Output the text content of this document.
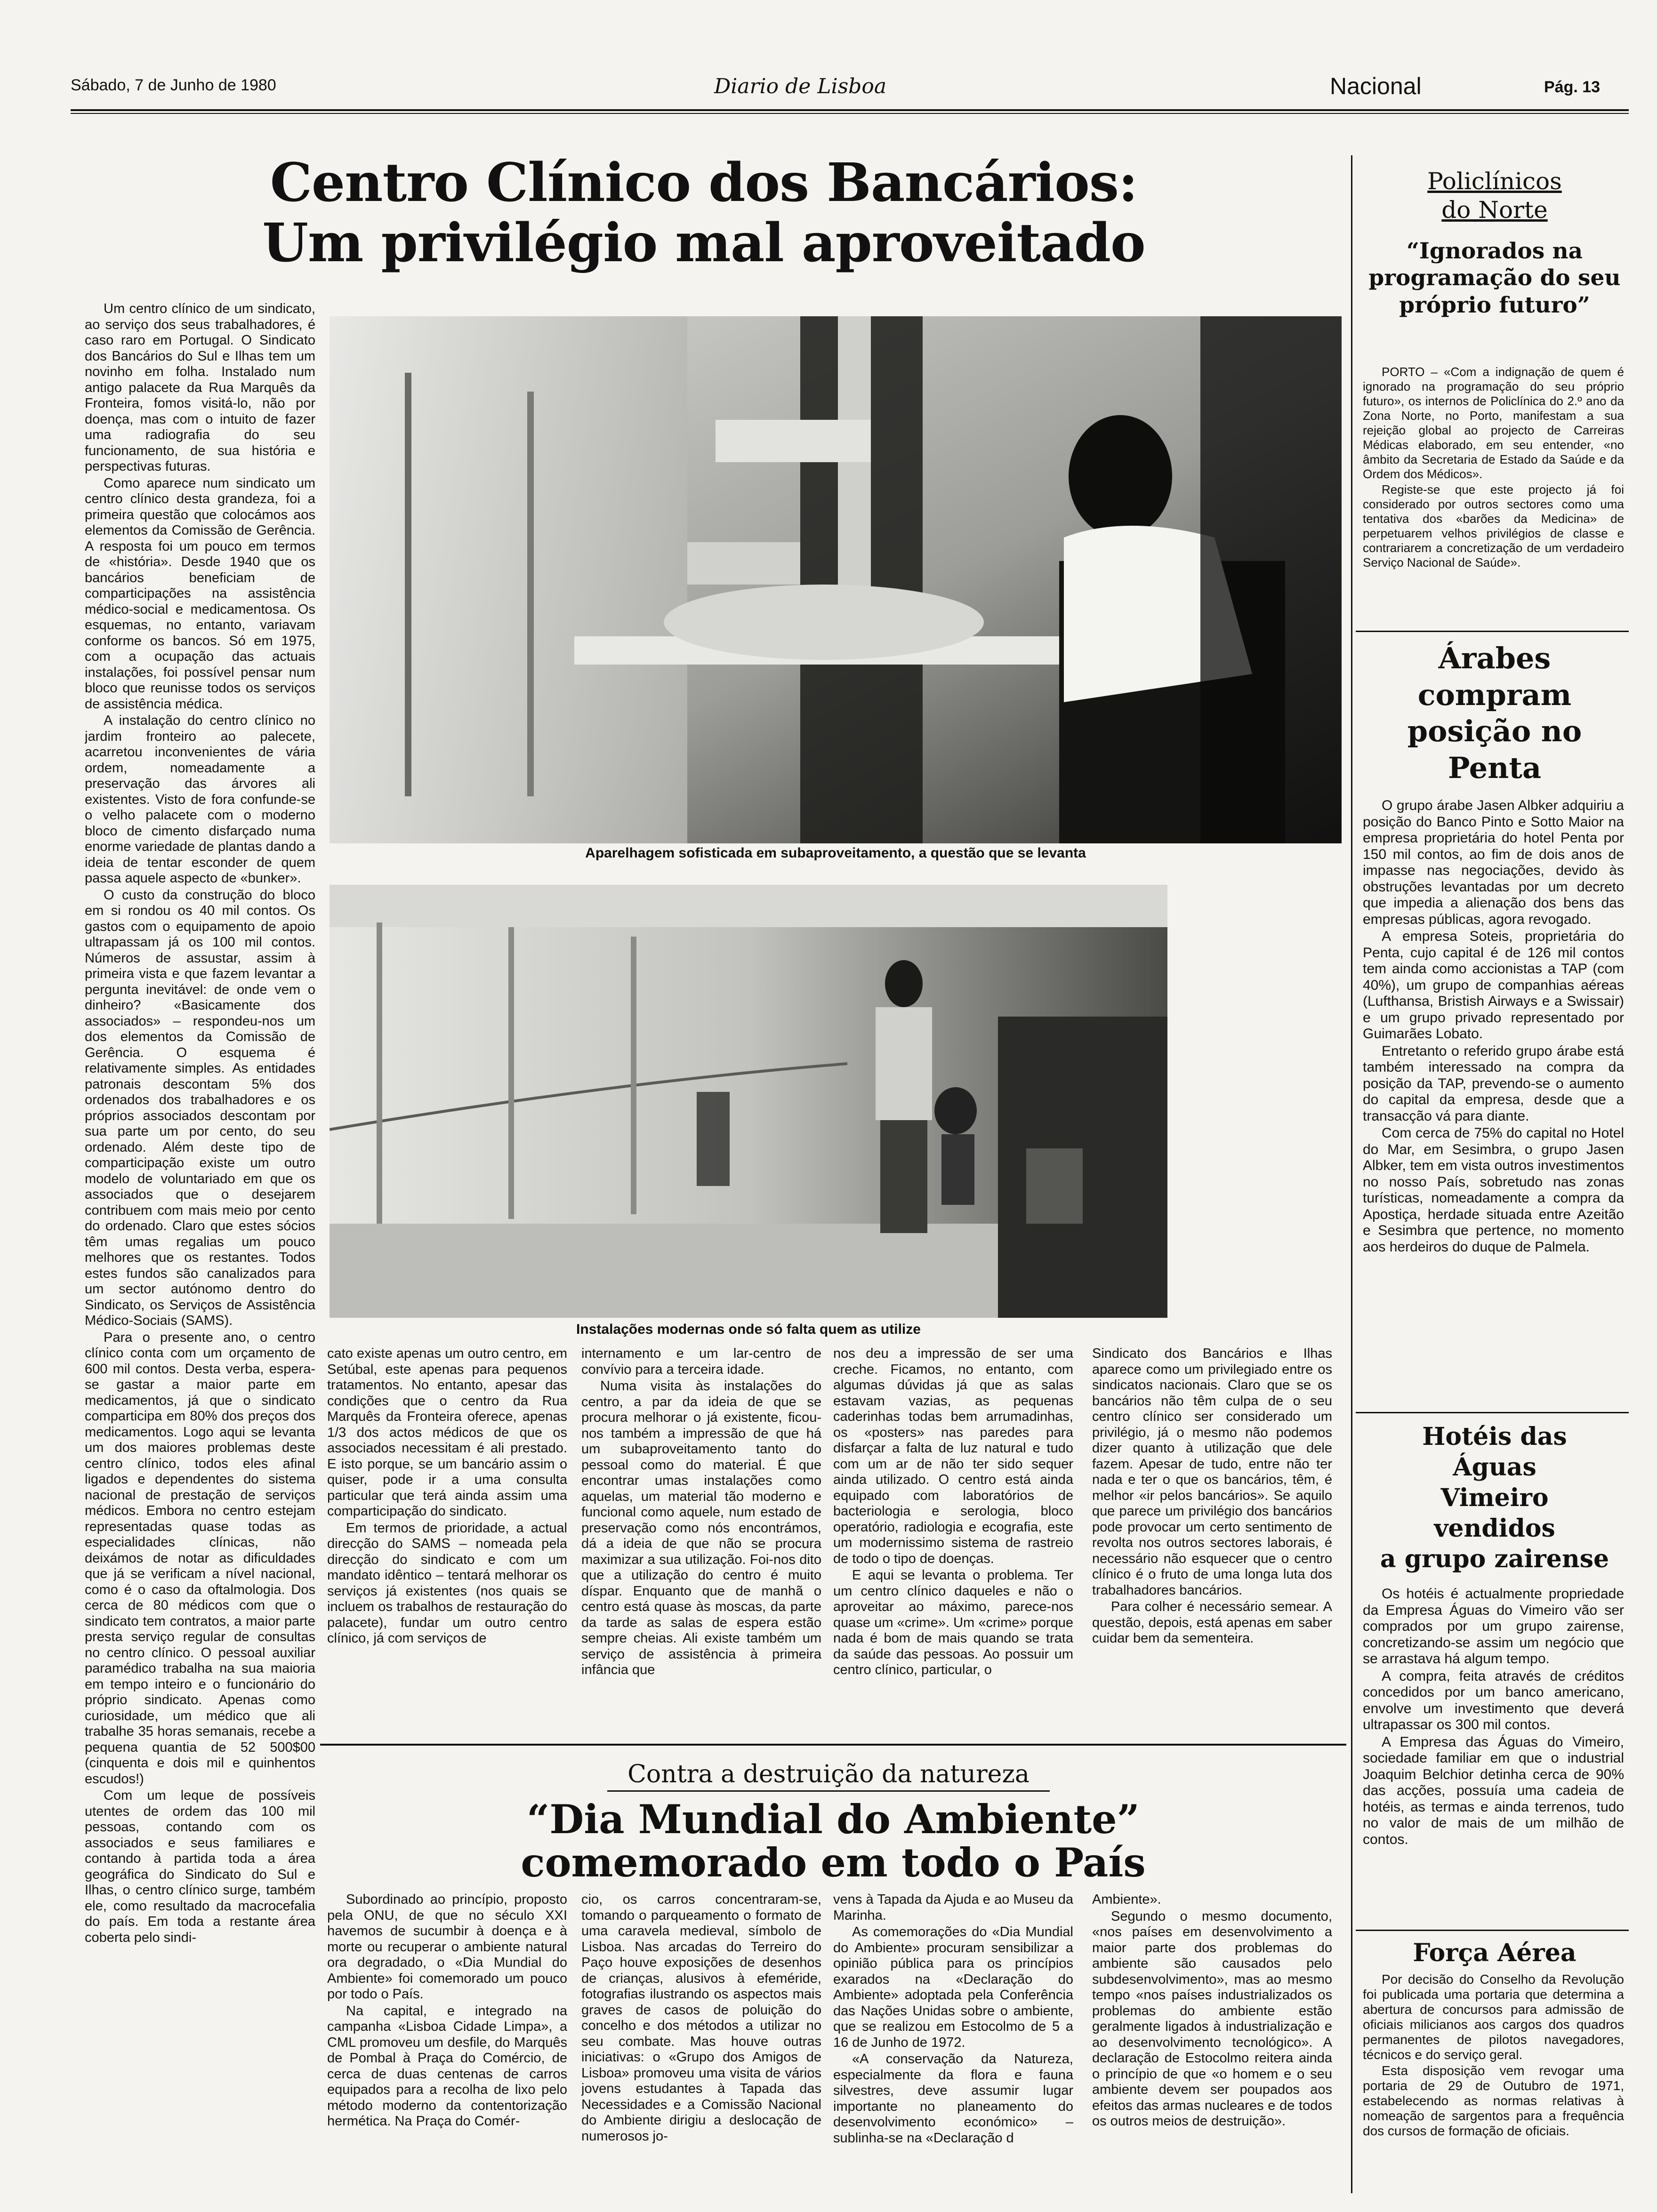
Sábado, 7 de Junho de 1980	Diario de Lisboa	Nacional	Pág. 13
Centro Clínico dos Bancários:
Um privilégio mal aproveitado

Um centro clínico de um sindicato, ao serviço dos seus trabalhadores, é caso raro em Portugal. O Sindicato dos Bancários do Sul e Ilhas tem um novinho em folha. Instalado num antigo palacete da Rua Marquês da Fronteira, fomos visitá-lo, não por doença, mas com o intuito de fazer uma radiografia do seu funcionamento, de sua história e perspectivas futuras.

Como aparece num sindicato um centro clínico desta grandeza, foi a primeira questão que colocámos aos elementos da Comissão de Gerência. A resposta foi um pouco em termos de «história». Desde 1940 que os bancários beneficiam de comparticipações na assistência médico-social e medicamentosa. Os esquemas, no entanto, variavam conforme os bancos. Só em 1975, com a ocupação das actuais instalações, foi possível pensar num bloco que reunisse todos os serviços de assistência médica.

A instalação do centro clínico no jardim fronteiro ao palecete, acarretou inconvenientes de vária ordem, nomeadamente a preservação das árvores ali existentes. Visto de fora confunde-se o velho palacete com o moderno bloco de cimento disfarçado numa enorme variedade de plantas dando a ideia de tentar esconder de quem passa aquele aspecto de «bunker».

O custo da construção do bloco em si rondou os 40 mil contos. Os gastos com o equipamento de apoio ultrapassam já os 100 mil contos. Números de assustar, assim à primeira vista e que fazem levantar a pergunta inevitável: de onde vem o dinheiro? «Basicamente dos associados» – respondeu-nos um dos elementos da Comissão de Gerência. O esquema é relativamente simples. As entidades patronais descontam 5% dos ordenados dos trabalhadores e os próprios associados descontam por sua parte um por cento, do seu ordenado. Além deste tipo de comparticipação existe um outro modelo de voluntariado em que os associados que o desejarem contribuem com mais meio por cento do ordenado. Claro que estes sócios têm umas regalias um pouco melhores que os restantes. Todos estes fundos são canalizados para um sector autónomo dentro do Sindicato, os Serviços de Assistência Médico-Sociais (SAMS).

Para o presente ano, o centro clínico conta com um orçamento de 600 mil contos. Desta verba, espera-se gastar a maior parte em medicamentos, já que o sindicato comparticipa em 80% dos preços dos medicamentos. Logo aqui se levanta um dos maiores problemas deste centro clínico, todos eles afinal ligados e dependentes do sistema nacional de prestação de serviços médicos. Embora no centro estejam representadas quase todas as especialidades clínicas, não deixámos de notar as dificuldades que já se verificam a nível nacional, como é o caso da oftalmologia. Dos cerca de 80 médicos com que o sindicato tem contratos, a maior parte presta serviço regular de consultas no centro clínico. O pessoal auxiliar paramédico trabalha na sua maioria em tempo inteiro e o funcionário do próprio sindicato. Apenas como curiosidade, um médico que ali trabalhe 35 horas semanais, recebe a pequena quantia de 52 500$00 (cinquenta e dois mil e quinhentos escudos!)

Com um leque de possíveis utentes de ordem das 100 mil pessoas, contando com os associados e seus familiares e contando à partida toda a área geográfica do Sindicato do Sul e Ilhas, o centro clínico surge, também ele, como resultado da macrocefalia do país. Em toda a restante área coberta pelo sindi-

Aparelhagem sofisticada em subaproveitamento, a questão que se levanta
Instalações modernas onde só falta quem as utilize

cato existe apenas um outro centro, em Setúbal, este apenas para pequenos tratamentos. No entanto, apesar das condições que o centro da Rua Marquês da Fronteira oferece, apenas 1/3 dos actos médicos de que os associados necessitam é ali prestado. E isto porque, se um bancário assim o quiser, pode ir a uma consulta particular que terá ainda assim uma comparticipação do sindicato.

Em termos de prioridade, a actual direcção do SAMS – nomeada pela direcção do sindicato e com um mandato idêntico – tentará melhorar os serviços já existentes (nos quais se incluem os trabalhos de restauração do palacete), fundar um outro centro clínico, já com serviços de

internamento e um lar-centro de convívio para a terceira idade.

Numa visita às instalações do centro, a par da ideia de que se procura melhorar o já existente, ficou-nos também a impressão de que há um subaproveitamento tanto do pessoal como do material. É que encontrar umas instalações como aquelas, um material tão moderno e funcional como aquele, num estado de preservação como nós encontrámos, dá a ideia de que não se procura maximizar a sua utilização. Foi-nos dito que a utilização do centro é muito díspar. Enquanto que de manhã o centro está quase às moscas, da parte da tarde as salas de espera estão sempre cheias. Ali existe também um serviço de assistência à primeira infância que

nos deu a impressão de ser uma creche. Ficamos, no entanto, com algumas dúvidas já que as salas estavam vazias, as pequenas caderinhas todas bem arrumadinhas, os «posters» nas paredes para disfarçar a falta de luz natural e tudo com um ar de não ter sido sequer ainda utilizado. O centro está ainda equipado com laboratórios de bacteriologia e serologia, bloco operatório, radiologia e ecografia, este um modernissimo sistema de rastreio de todo o tipo de doenças.

E aqui se levanta o problema. Ter um centro clínico daqueles e não o aproveitar ao máximo, parece-nos quase um «crime». Um «crime» porque nada é bom de mais quando se trata da saúde das pessoas. Ao possuir um centro clínico, particular, o

Sindicato dos Bancários e Ilhas aparece como um privilegiado entre os sindicatos nacionais. Claro que se os bancários não têm culpa de o seu centro clínico ser considerado um privilégio, já o mesmo não podemos dizer quanto à utilização que dele fazem. Apesar de tudo, entre não ter nada e ter o que os bancários, têm, é melhor «ir pelos bancários». Se aquilo que parece um privilégio dos bancários pode provocar um certo sentimento de revolta nos outros sectores laborais, é necessário não esquecer que o centro clínico é o fruto de uma longa luta dos trabalhadores bancários.

Para colher é necessário semear. A questão, depois, está apenas em saber cuidar bem da sementeira.

Contra a destruição da natureza
“Dia Mundial do Ambiente”
comemorado em todo o País

Subordinado ao princípio, proposto pela ONU, de que no século XXI havemos de sucumbir à doença e à morte ou recuperar o ambiente natural ora degradado, o «Dia Mundial do Ambiente» foi comemorado um pouco por todo o País.

Na capital, e integrado na campanha «Lisboa Cidade Limpa», a CML promoveu um desfile, do Marquês de Pombal à Praça do Comércio, de cerca de duas centenas de carros equipados para a recolha de lixo pelo método moderno da contentorização hermética. Na Praça do Comér-

cio, os carros concentraram-se, tomando o parqueamento o formato de uma caravela medieval, símbolo de Lisboa. Nas arcadas do Terreiro do Paço houve exposições de desenhos de crianças, alusivos à efeméride, fotografias ilustrando os aspectos mais graves de casos de poluição do concelho e dos métodos a utilizar no seu combate. Mas houve outras iniciativas: o «Grupo dos Amigos de Lisboa» promoveu uma visita de vários jovens estudantes à Tapada das Necessidades e a Comissão Nacional do Ambiente dirigiu a deslocação de numerosos jo-

vens à Tapada da Ajuda e ao Museu da Marinha.

As comemorações do «Dia Mundial do Ambiente» procuram sensibilizar a opinião pública para os princípios exarados na «Declaração do Ambiente» adoptada pela Conferência das Nações Unidas sobre o ambiente, que se realizou em Estocolmo de 5 a 16 de Junho de 1972.

«A conservação da Natureza, especialmente da flora e fauna silvestres, deve assumir lugar importante no planeamento do desenvolvimento económico» – sublinha-se na «Declaração d

Ambiente».

Segundo o mesmo documento, «nos países em desenvolvimento a maior parte dos problemas do ambiente são causados pelo subdesenvolvimento», mas ao mesmo tempo «nos países industrializados os problemas do ambiente estão geralmente ligados à industrialização e ao desenvolvimento tecnológico». A declaração de Estocolmo reitera ainda o princípio de que «o homem e o seu ambiente devem ser poupados aos efeitos das armas nucleares e de todos os outros meios de destruição».

Policlínicos
do Norte
“Ignorados na programação do seu próprio futuro”

PORTO – «Com a indignação de quem é ignorado na programação do seu próprio futuro», os internos de Policlínica do 2.º ano da Zona Norte, no Porto, manifestam a sua rejeição global ao projecto de Carreiras Médicas elaborado, em seu entender, «no âmbito da Secretaria de Estado da Saúde e da Ordem dos Médicos».

Registe-se que este projecto já foi considerado por outros sectores como uma tentativa dos «barões da Medicina» de perpetuarem velhos privilégios de classe e contrariarem a concretização de um verdadeiro Serviço Nacional de Saúde».

Árabes compram posição no Penta

O grupo árabe Jasen Albker adquiriu a posição do Banco Pinto e Sotto Maior na empresa proprietária do hotel Penta por 150 mil contos, ao fim de dois anos de impasse nas negociações, devido às obstruções levantadas por um decreto que impedia a alienação dos bens das empresas públicas, agora revogado.

A empresa Soteis, proprietária do Penta, cujo capital é de 126 mil contos tem ainda como accionistas a TAP (com 40%), um grupo de companhias aéreas (Lufthansa, Bristish Airways e a Swissair) e um grupo privado representado por Guimarães Lobato.

Entretanto o referido grupo árabe está também interessado na compra da posição da TAP, prevendo-se o aumento do capital da empresa, desde que a transacção vá para diante.

Com cerca de 75% do capital no Hotel do Mar, em Sesimbra, o grupo Jasen Albker, tem em vista outros investimentos no nosso País, sobretudo nas zonas turísticas, nomeadamente a compra da Apostiça, herdade situada entre Azeitão e Sesimbra que pertence, no momento aos herdeiros do duque de Palmela.

Hotéis das Águas Vimeiro vendidos
a grupo zairense

Os hotéis é actualmente propriedade da Empresa Águas do Vimeiro vão ser comprados por um grupo zairense, concretizando-se assim um negócio que se arrastava há algum tempo.

A compra, feita através de créditos concedidos por um banco americano, envolve um investimento que deverá ultrapassar os 300 mil contos.

A Empresa das Águas do Vimeiro, sociedade familiar em que o industrial Joaquim Belchior detinha cerca de 90% das acções, possuía uma cadeia de hotéis, as termas e ainda terrenos, tudo no valor de mais de um milhão de contos.

Força Aérea

Por decisão do Conselho da Revolução foi publicada uma portaria que determina a abertura de concursos para admissão de oficiais milicianos aos cargos dos quadros permanentes de pilotos navegadores, técnicos e do serviço geral.

Esta disposição vem revogar uma portaria de 29 de Outubro de 1971, estabelecendo as normas relativas à nomeação de sargentos para a frequência dos cursos de formação de oficiais.
